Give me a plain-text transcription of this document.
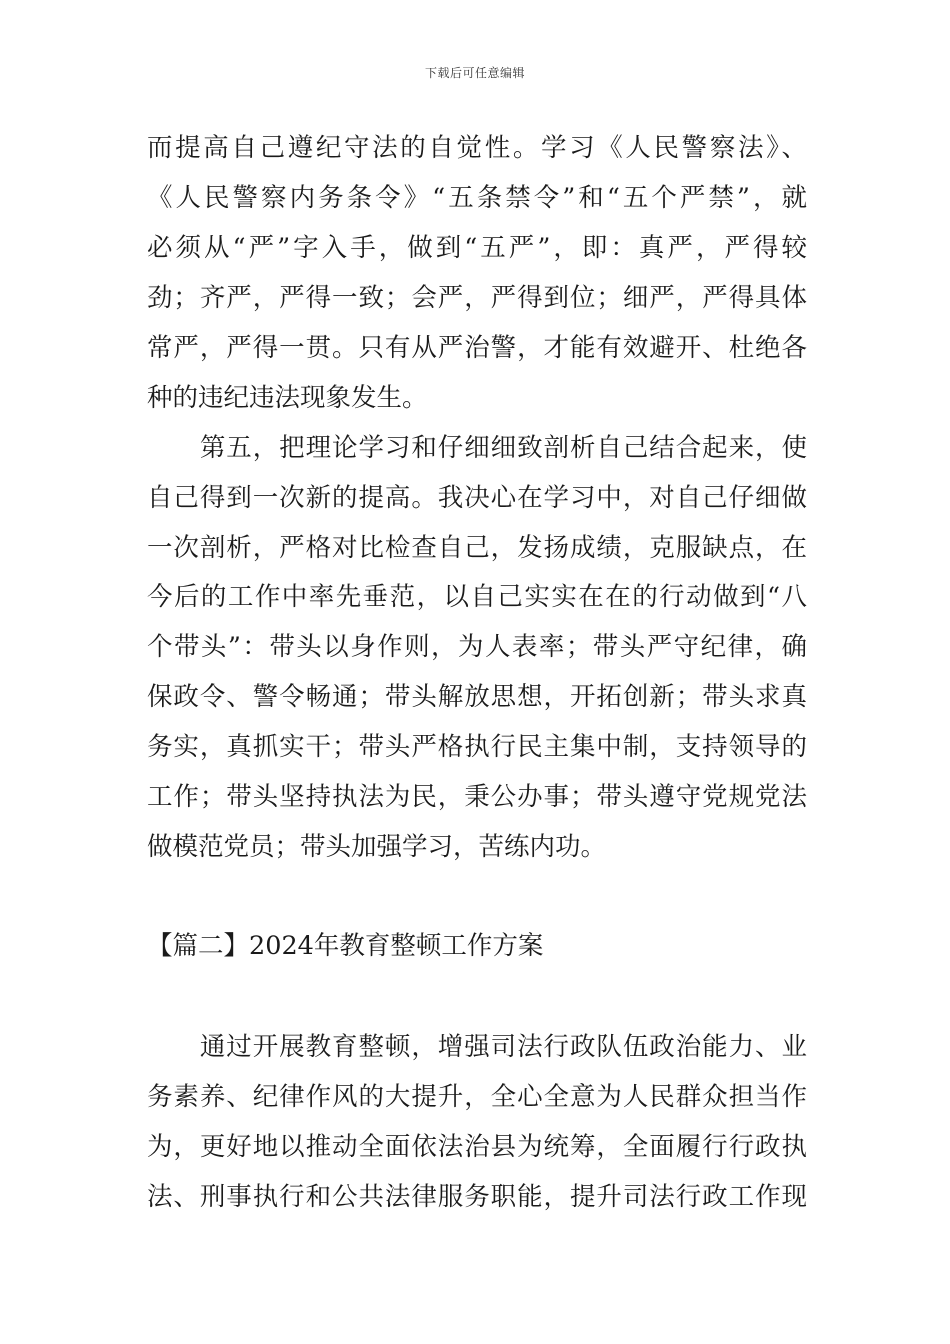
下载后可任意编辑
而提高自己遵纪守法的自觉性。学习《人民警察法》、
《人民警察内务条令》“五条禁令”和“五个严禁”，就
必须从“严”字入手，做到“五严”，即：真严，严得较
劲；齐严，严得一致；会严，严得到位；细严，严得具体
常严，严得一贯。只有从严治警，才能有效避开、杜绝各
种的违纪违法现象发生。
　　第五，把理论学习和仔细细致剖析自己结合起来，使
自己得到一次新的提高。我决心在学习中，对自己仔细做
一次剖析，严格对比检查自己，发扬成绩，克服缺点，在
今后的工作中率先垂范，以自己实实在在的行动做到“八
个带头”：带头以身作则，为人表率；带头严守纪律，确
保政令、警令畅通；带头解放思想，开拓创新；带头求真
务实，真抓实干；带头严格执行民主集中制，支持领导的
工作；带头坚持执法为民，秉公办事；带头遵守党规党法
做模范党员；带头加强学习，苦练内功。
【篇二】2024年教育整顿工作方案
　　通过开展教育整顿，增强司法行政队伍政治能力、业
务素养、纪律作风的大提升，全心全意为人民群众担当作
为，更好地以推动全面依法治县为统筹，全面履行行政执
法、刑事执行和公共法律服务职能，提升司法行政工作现
